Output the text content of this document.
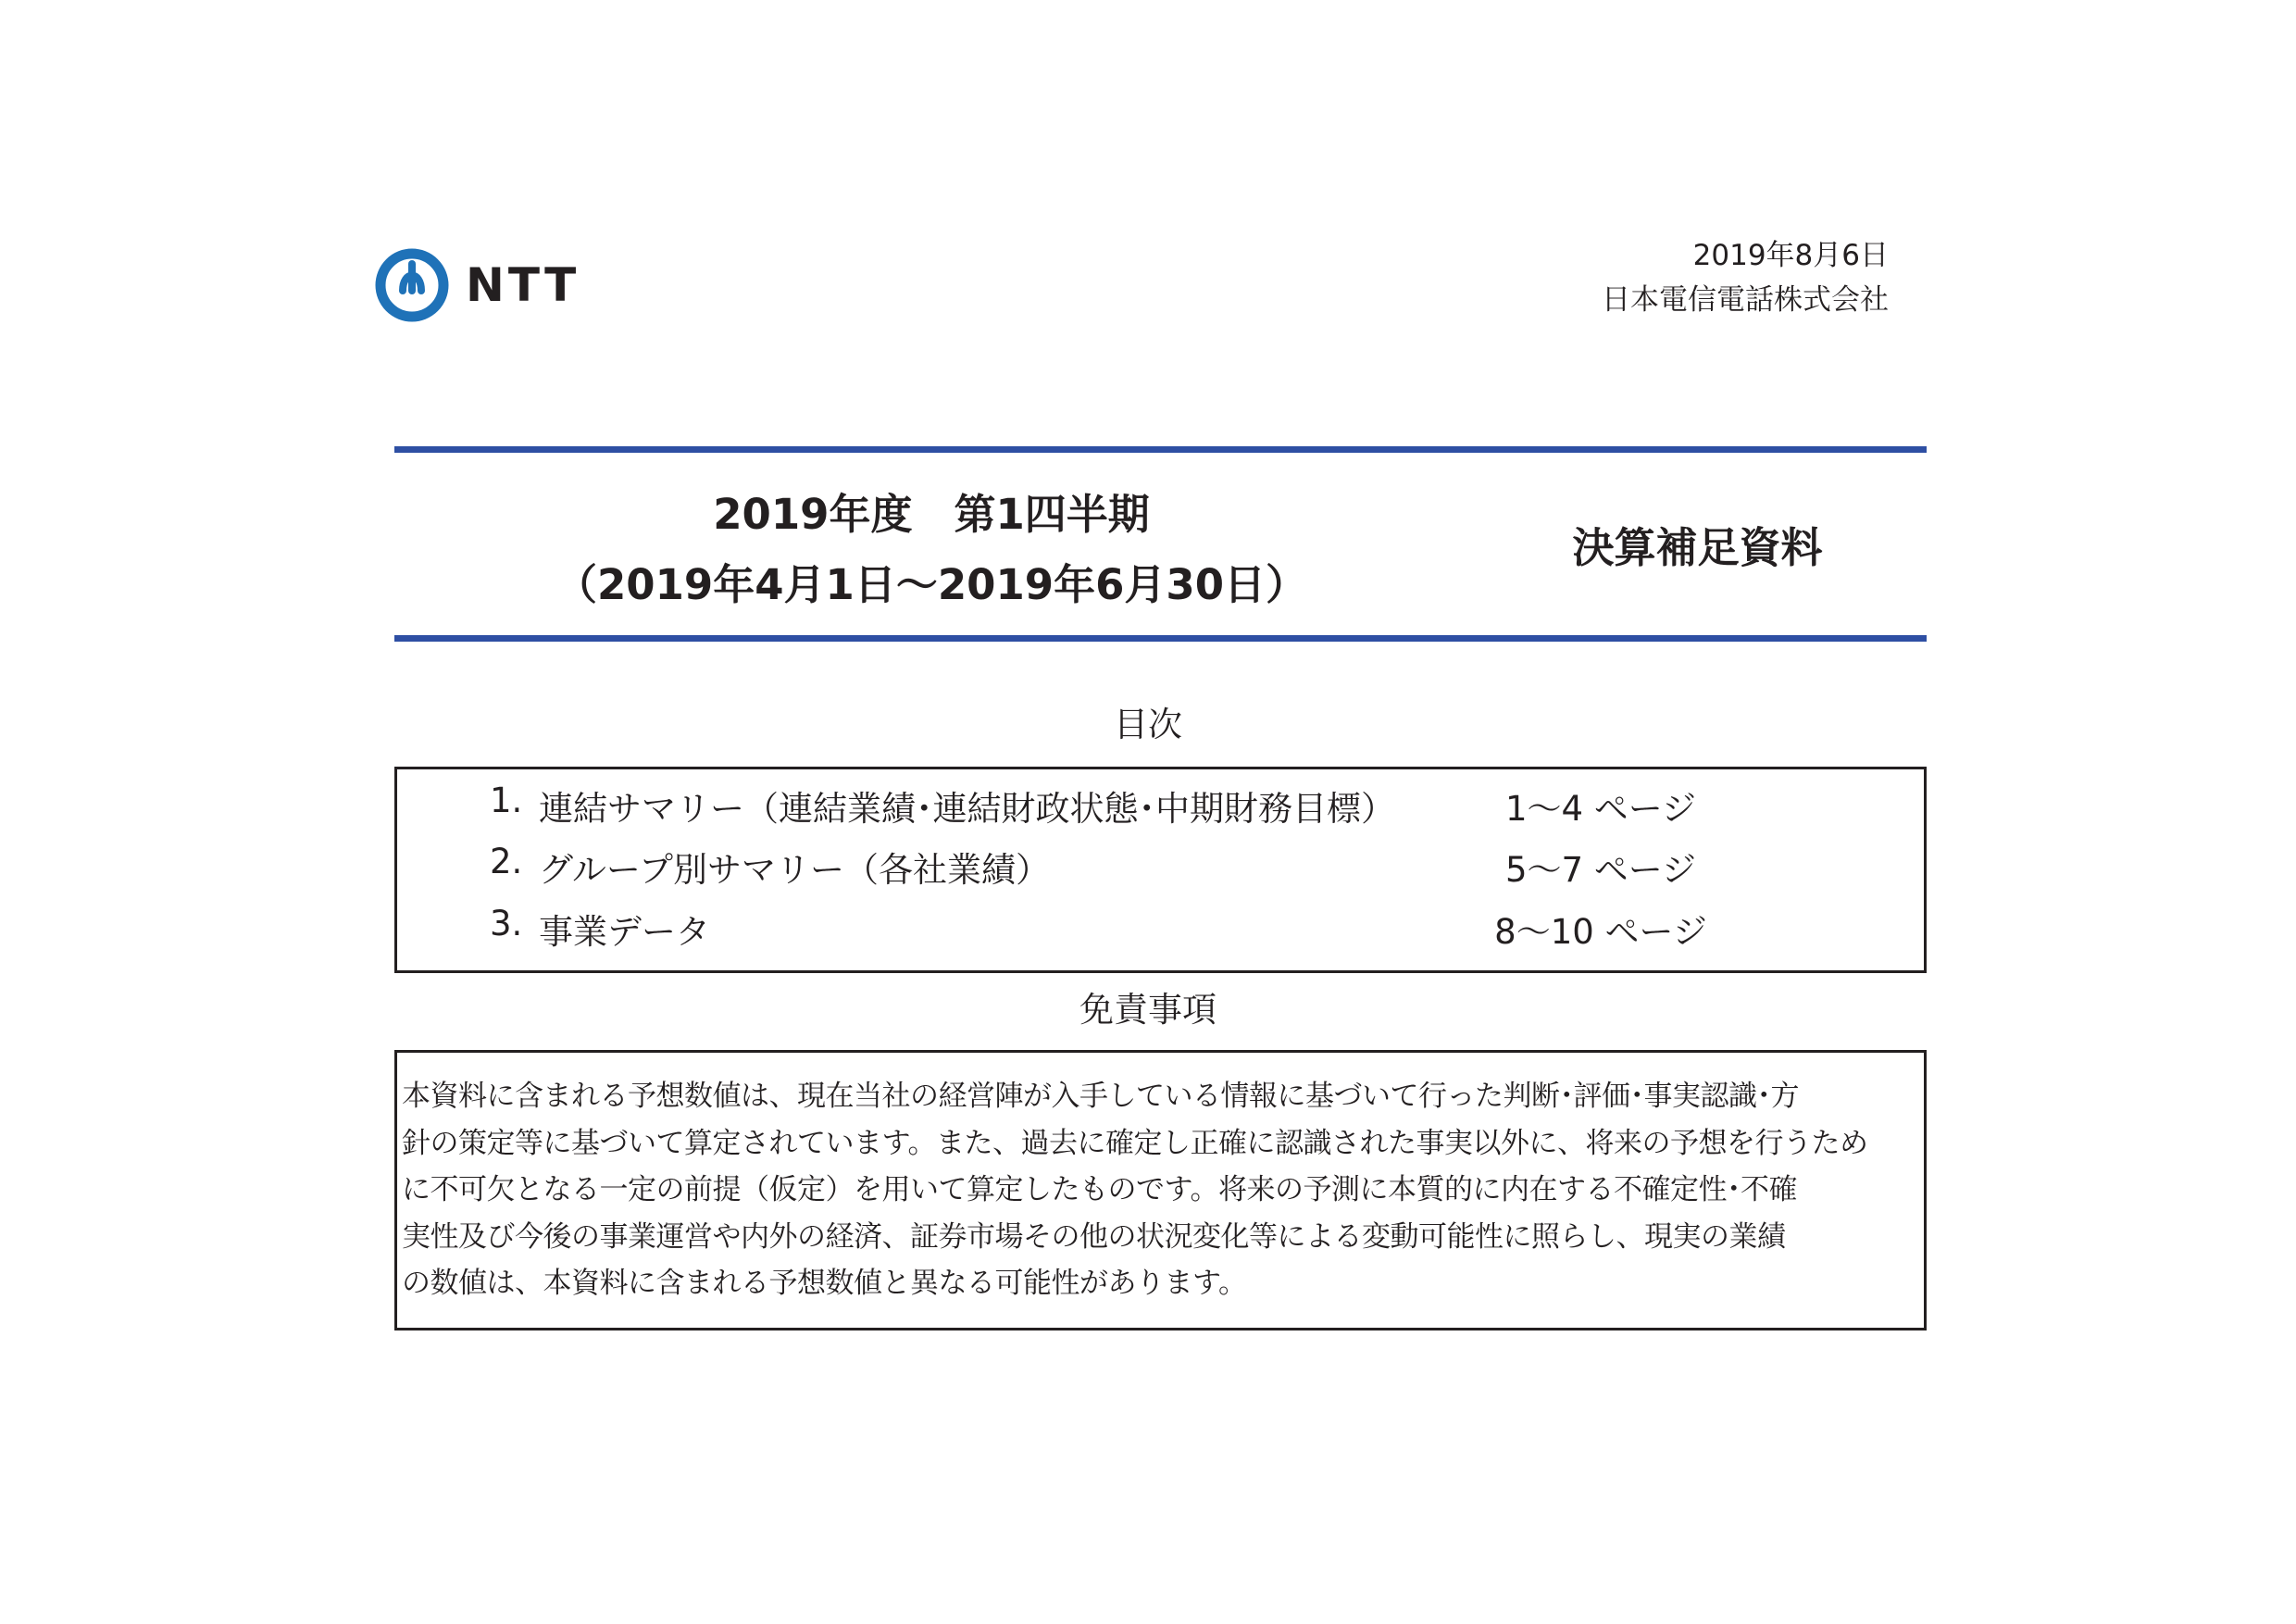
NTT
2019年8月6日
日本電信電話株式会社
2019年度　第1四半期
（2019年4月1日～2019年6月30日）
決算補足資料
目次
1. 連結サマリー（連結業績･連結財政状態･中期財務目標）	1～4 ページ
2. グループ別サマリー（各社業績）	5～7 ページ
3. 事業データ	8～10 ページ
免責事項
本資料に含まれる予想数値は、現在当社の経営陣が入手している情報に基づいて行った判断･評価･事実認識･方
針の策定等に基づいて算定されています。また、過去に確定し正確に認識された事実以外に、将来の予想を行うため
に不可欠となる一定の前提（仮定）を用いて算定したものです。将来の予測に本質的に内在する不確定性･不確
実性及び今後の事業運営や内外の経済、証券市場その他の状況変化等による変動可能性に照らし、現実の業績
の数値は、本資料に含まれる予想数値と異なる可能性があります。
